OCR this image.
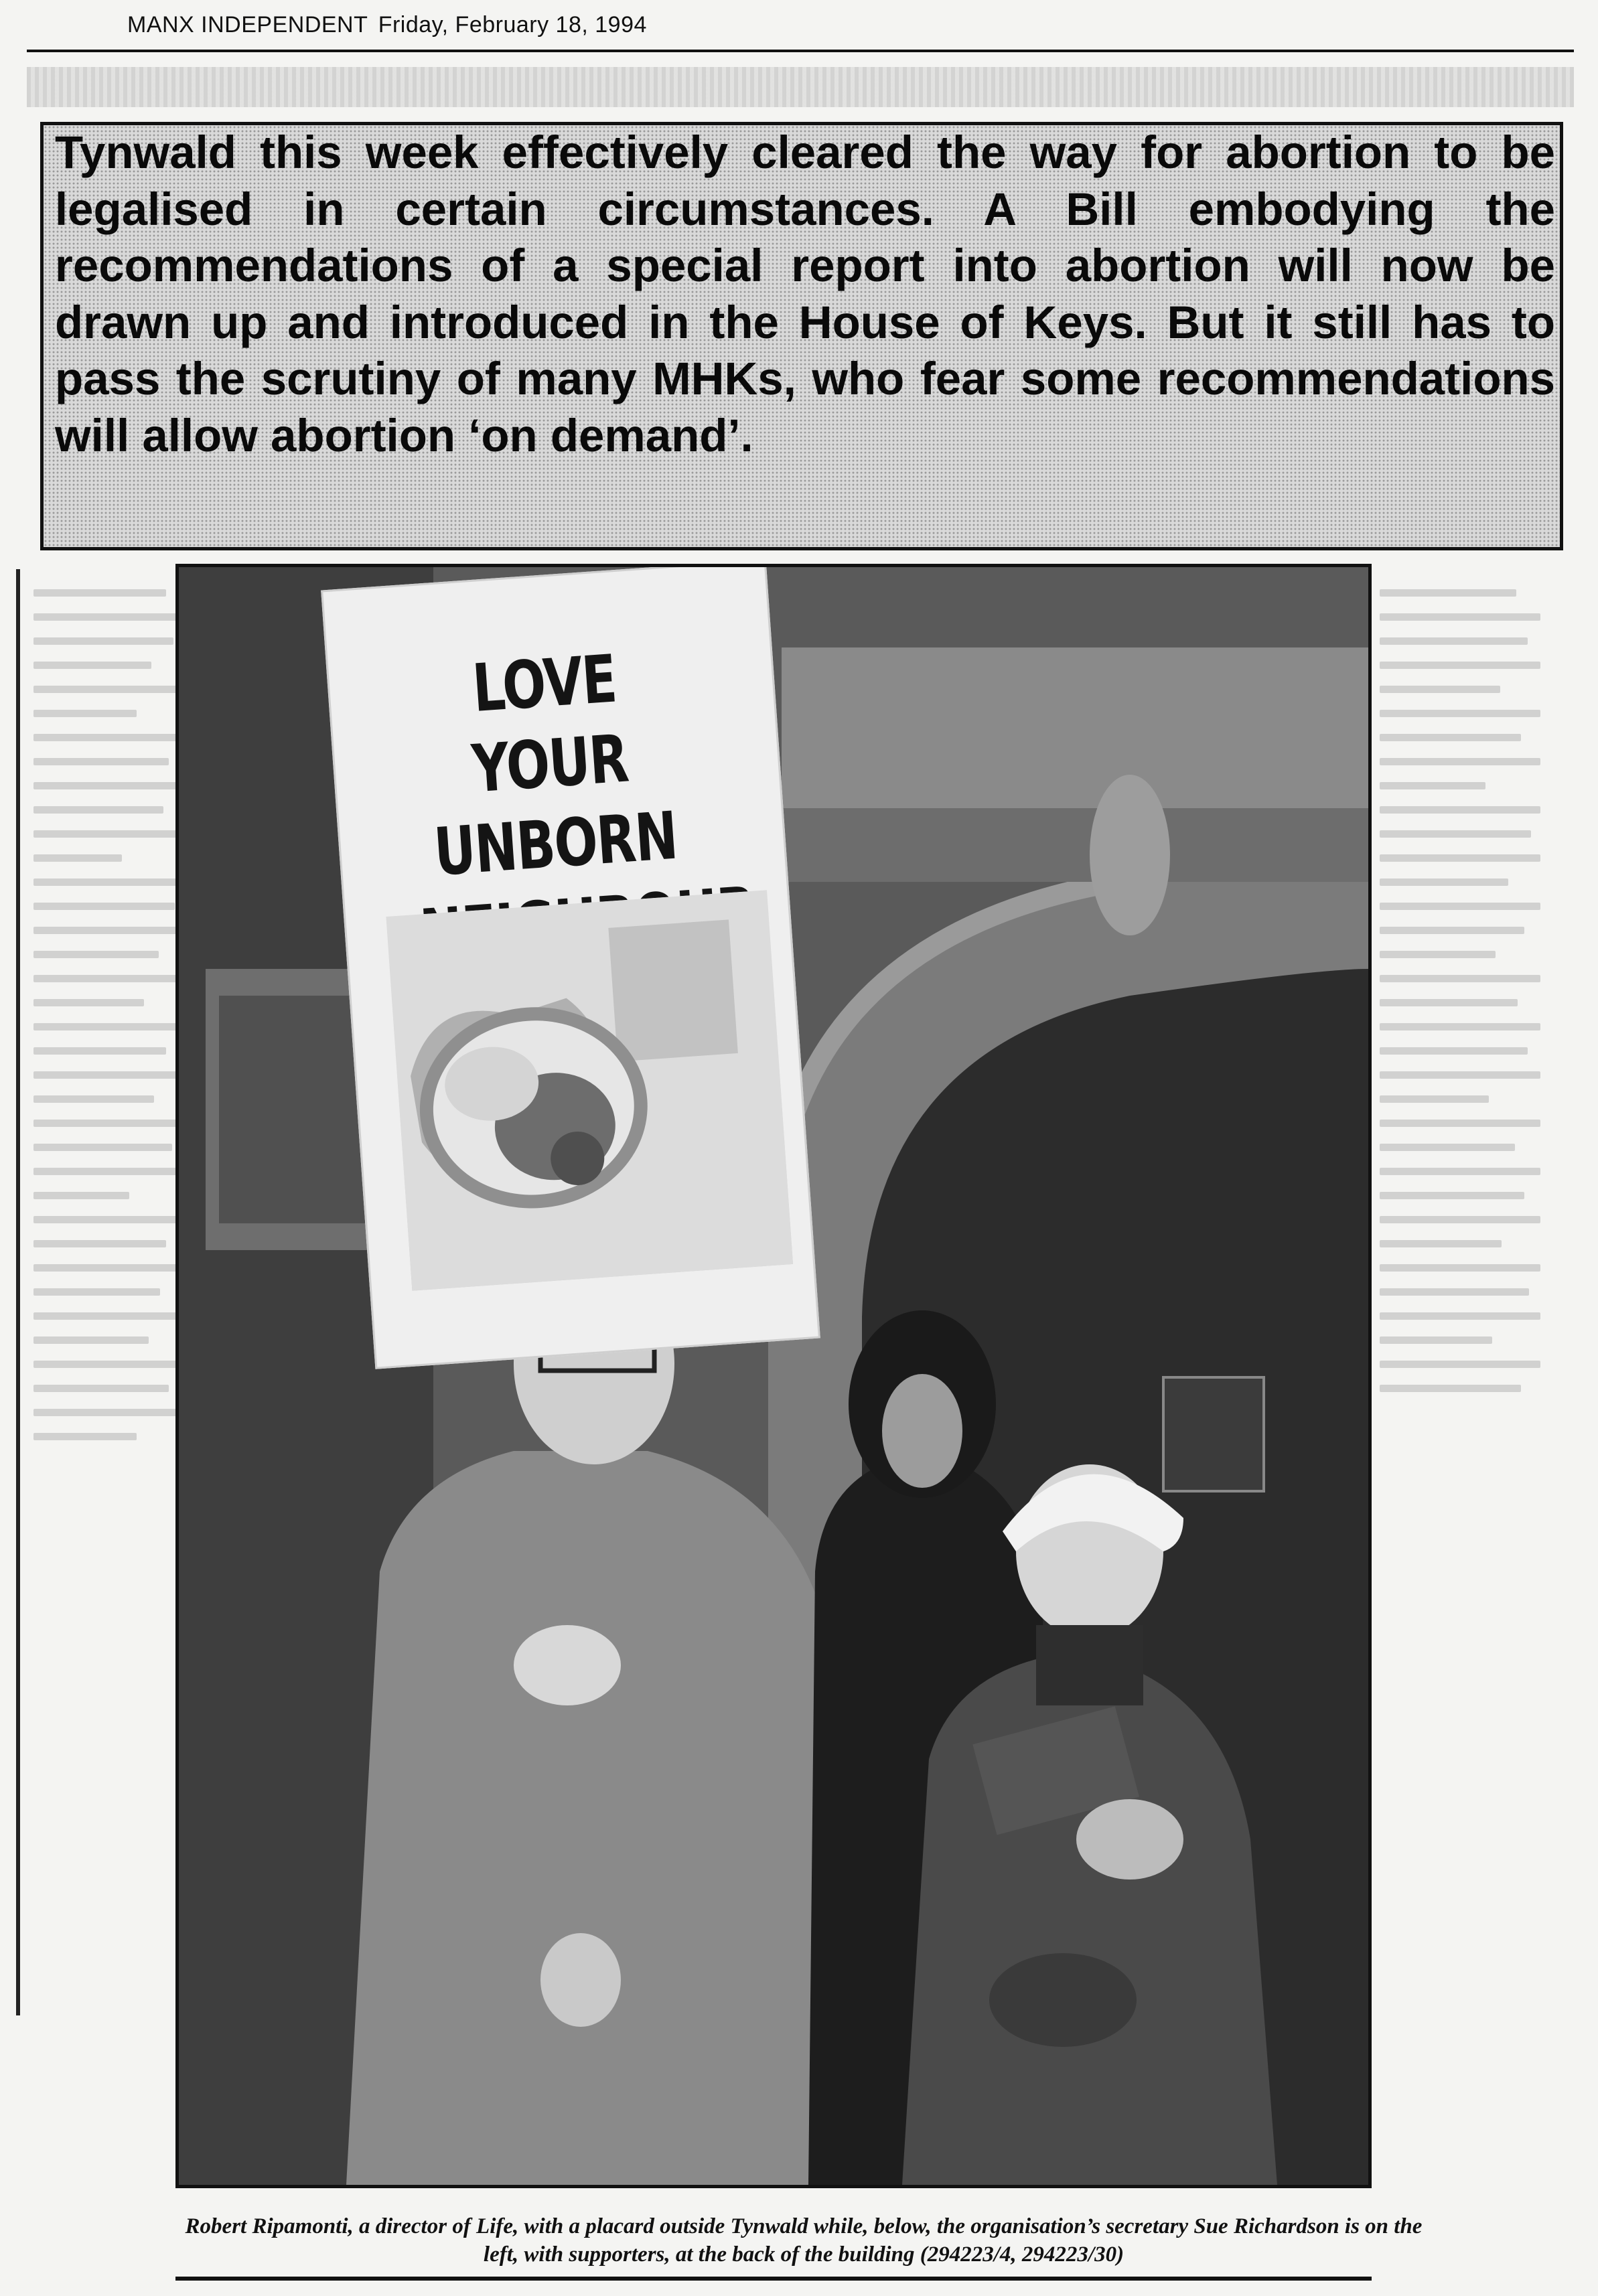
MANX INDEPENDENT Friday, February 18, 1994
Tynwald this week effectively cleared the way for abortion to be legalised in certain circumstances. A Bill embodying the recommendations of a special report into abortion will now be drawn up and introduced in the House of Keys. But it still has to pass the scrutiny of many MHKs, who fear some recommendations will allow abortion ‘on demand’.
LOVE YOUR
UNBORN
Robert Ripamonti, a director of Life, with a placard outside Tynwald while, below, the organisation’s secretary Sue Richardson is on the left, with supporters, at the back of the building (294223/4, 294223/30)
